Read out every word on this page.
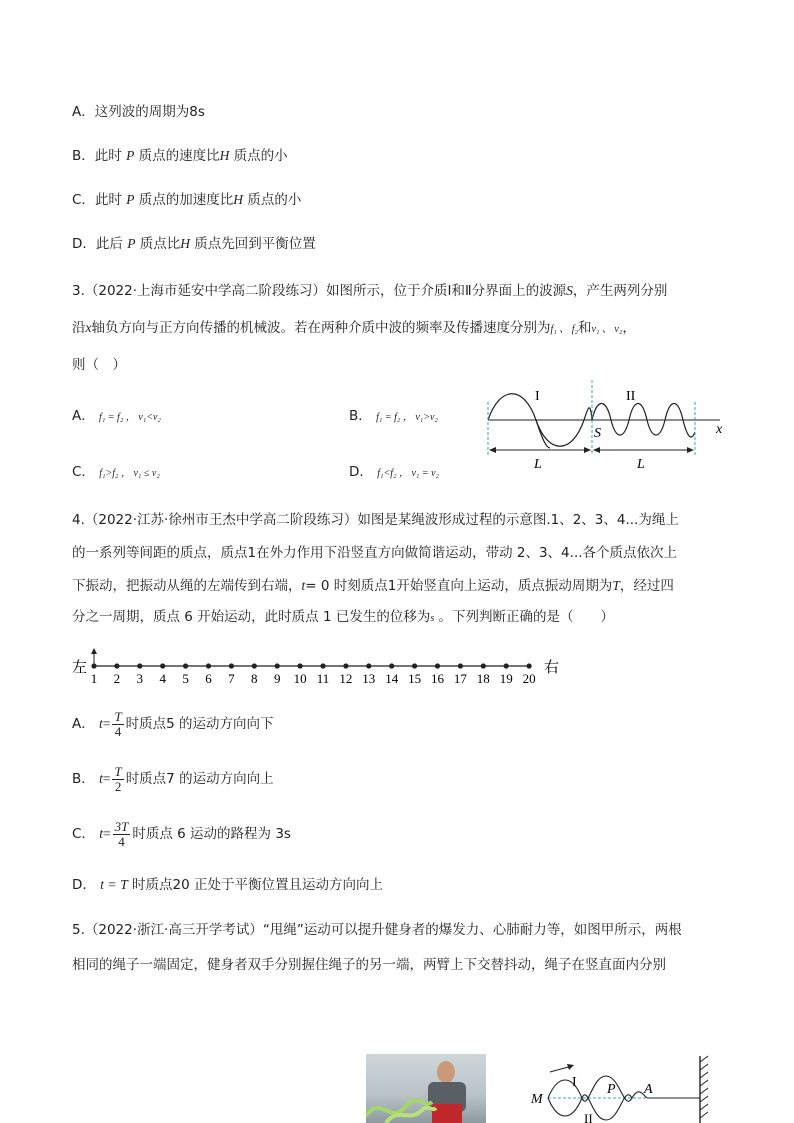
A．这列波的周期为8s
B．此时 P 质点的速度比H 质点的小
C．此时 P 质点的加速度比H 质点的小
D．此后 P 质点比H 质点先回到平衡位置
3.（2022·上海市延安中学高二阶段练习）如图所示，位于介质Ⅰ和Ⅱ分界面上的波源S，产生两列分别
沿x轴负方向与正方向传播的机械波。若在两种介质中波的频率及传播速度分别为f₁ 、 f₂和v₁ 、 v₂，
则（　）
A． f₁ = f₂ ， v₁<v₂	B． f₁ = f₂ ， v₁>v₂
C． f₁>f₂ ， v₁ ≤ v₂	D． f₁<f₂ ， v₁ = v₂
I	II
S	x
L	L
4.（2022·江苏·徐州市王杰中学高二阶段练习）如图是某绳波形成过程的示意图.1、2、3、4...为绳上
的一系列等间距的质点，质点1在外力作用下沿竖直方向做简谐运动，带动 2、3、4...各个质点依次上
下振动，把振动从绳的左端传到右端，t= 0 时刻质点1开始竖直向上运动，质点振动周期为T，经过四
分之一周期，质点 6 开始运动，此时质点 1 已发生的位移为s 。下列判断正确的是（　　）
左	右
1 2 3 4 5 6 7 8 9 10 11 12 13 14 15 16 17 18 19 20
A． $t= \frac{T}{4}$ 时质点5 的运动方向向下
B． $t= \frac{T}{2}$ 时质点7 的运动方向向上
C． $t= \frac{3T}{4}$ 时质点 6 运动的路程为 3s
D． t = T 时质点20 正处于平衡位置且运动方向向上
5.（2022·浙江·高三开学考试）“甩绳”运动可以提升健身者的爆发力、心肺耐力等，如图甲所示，两根
相同的绳子一端固定，健身者双手分别握住绳子的另一端，两臂上下交替抖动，绳子在竖直面内分别
M
I P A
II
